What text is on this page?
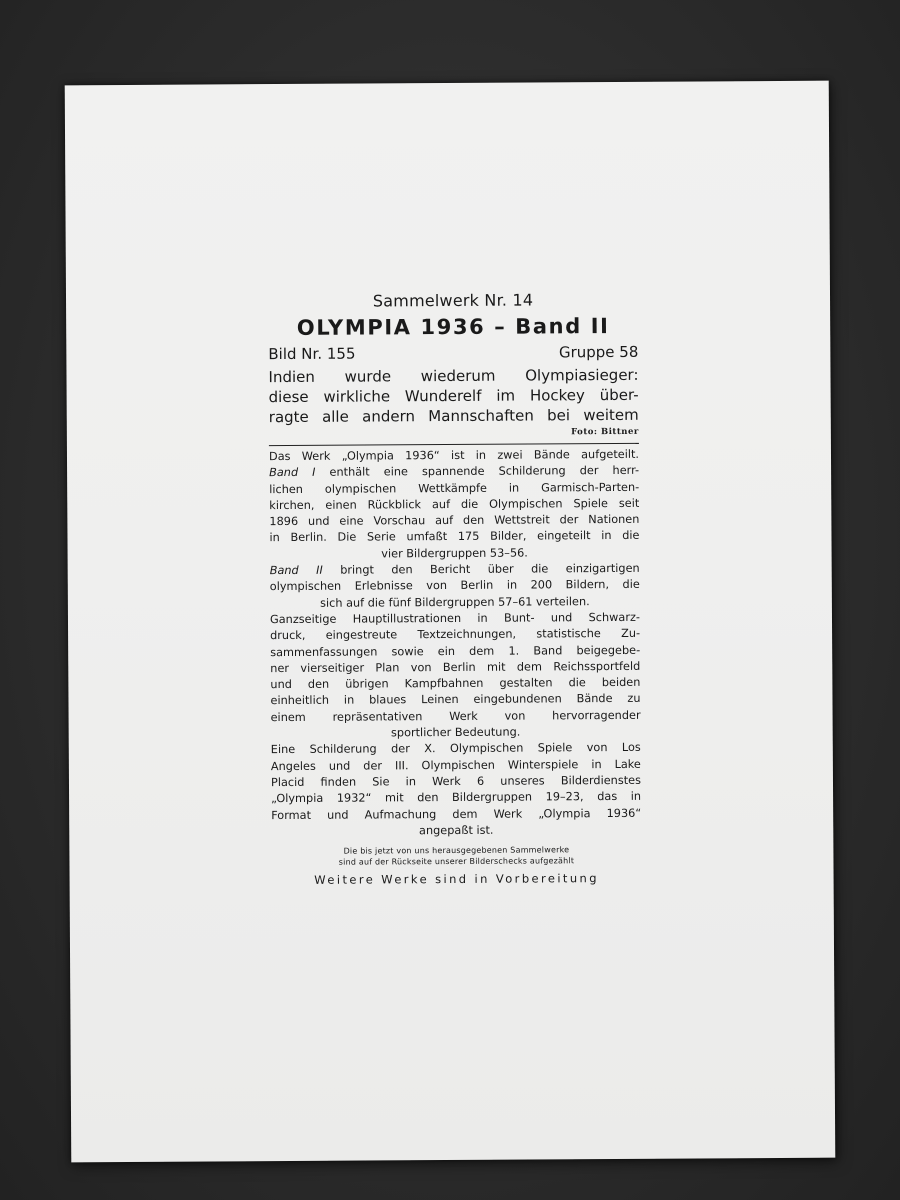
Sammelwerk Nr. 14
OLYMPIA 1936 – Band II
Bild Nr. 155	Gruppe 58
Indien wurde wiederum Olympiasieger:
diese wirkliche Wunderelf im Hockey über-
ragte alle andern Mannschaften bei weitem
Foto: Bittner
Das Werk „Olympia 1936“ ist in zwei Bände aufgeteilt.
Band I enthält eine spannende Schilderung der herr-
lichen olympischen Wettkämpfe in Garmisch-Parten-
kirchen, einen Rückblick auf die Olympischen Spiele seit
1896 und eine Vorschau auf den Wettstreit der Nationen
in Berlin. Die Serie umfaßt 175 Bilder, eingeteilt in die
vier Bildergruppen 53–56.
Band II bringt den Bericht über die einzigartigen
olympischen Erlebnisse von Berlin in 200 Bildern, die
sich auf die fünf Bildergruppen 57–61 verteilen.
Ganzseitige Hauptillustrationen in Bunt- und Schwarz-
druck, eingestreute Textzeichnungen, statistische Zu-
sammenfassungen sowie ein dem 1. Band beigegebe-
ner vierseitiger Plan von Berlin mit dem Reichssportfeld
und den übrigen Kampfbahnen gestalten die beiden
einheitlich in blaues Leinen eingebundenen Bände zu
einem repräsentativen Werk von hervorragender
sportlicher Bedeutung.
Eine Schilderung der X. Olympischen Spiele von Los
Angeles und der III. Olympischen Winterspiele in Lake
Placid finden Sie in Werk 6 unseres Bilderdienstes
„Olympia 1932“ mit den Bildergruppen 19–23, das in
Format und Aufmachung dem Werk „Olympia 1936“
angepaßt ist.
Die bis jetzt von uns herausgegebenen Sammelwerke
sind auf der Rückseite unserer Bilderschecks aufgezählt
Weitere Werke sind in Vorbereitung
